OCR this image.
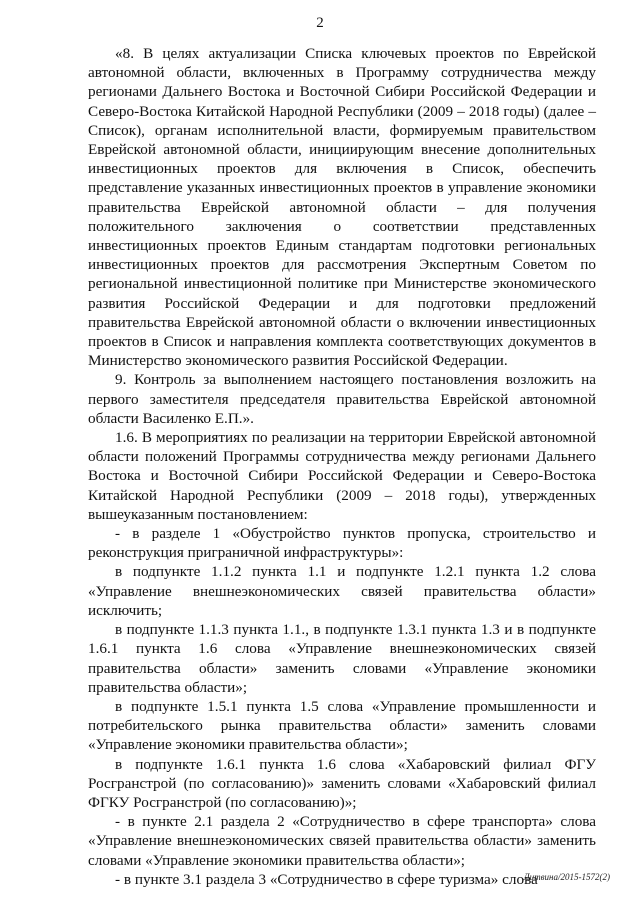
2

«8. В целях актуализации Списка ключевых проектов по Еврейской автономной области, включенных в Программу сотрудничества между регионами Дальнего Востока и Восточной Сибири Российской Федерации и Северо-Востока Китайской Народной Республики (2009 – 2018 годы) (далее – Список), органам исполнительной власти, формируемым правительством Еврейской автономной области, инициирующим внесение дополнительных инвестиционных проектов для включения в Список, обеспечить представление указанных инвестиционных проектов в управление экономики правительства Еврейской автономной области – для получения положительного заключения о соответствии представленных инвестиционных проектов Единым стандартам подготовки региональных инвестиционных проектов для рассмотрения Экспертным Советом по региональной инвестиционной политике при Министерстве экономического развития Российской Федерации и для подготовки предложений правительства Еврейской автономной области о включении инвестиционных проектов в Список и направления комплекта соответствующих документов в Министерство экономического развития Российской Федерации.

9. Контроль за выполнением настоящего постановления возложить на первого заместителя председателя правительства Еврейской автономной области Василенко Е.П.».

1.6. В мероприятиях по реализации на территории Еврейской автономной области положений Программы сотрудничества между регионами Дальнего Востока и Восточной Сибири Российской Федерации и Северо-Востока Китайской Народной Республики (2009 – 2018 годы), утвержденных вышеуказанным постановлением:

- в разделе 1 «Обустройство пунктов пропуска, строительство и реконструкция приграничной инфраструктуры»:

в подпункте 1.1.2 пункта 1.1 и подпункте 1.2.1 пункта 1.2 слова «Управление внешнеэкономических связей правительства области» исключить;

в подпункте 1.1.3 пункта 1.1., в подпункте 1.3.1 пункта 1.3 и в подпункте 1.6.1 пункта 1.6 слова «Управление внешнеэкономических связей правительства области» заменить словами «Управление экономики правительства области»;

в подпункте 1.5.1 пункта 1.5 слова «Управление промышленности и потребительского рынка правительства области» заменить словами «Управление экономики правительства области»;

в подпункте 1.6.1 пункта 1.6 слова «Хабаровский филиал ФГУ Росгранстрой (по согласованию)» заменить словами «Хабаровский филиал ФГКУ Росгранстрой (по согласованию)»;

- в пункте 2.1 раздела 2 «Сотрудничество в сфере транспорта» слова «Управление внешнеэкономических связей правительства области» заменить словами «Управление экономики правительства области»;

- в пункте 3.1 раздела 3 «Сотрудничество в сфере туризма» слова

Литвина/2015-1572(2)
